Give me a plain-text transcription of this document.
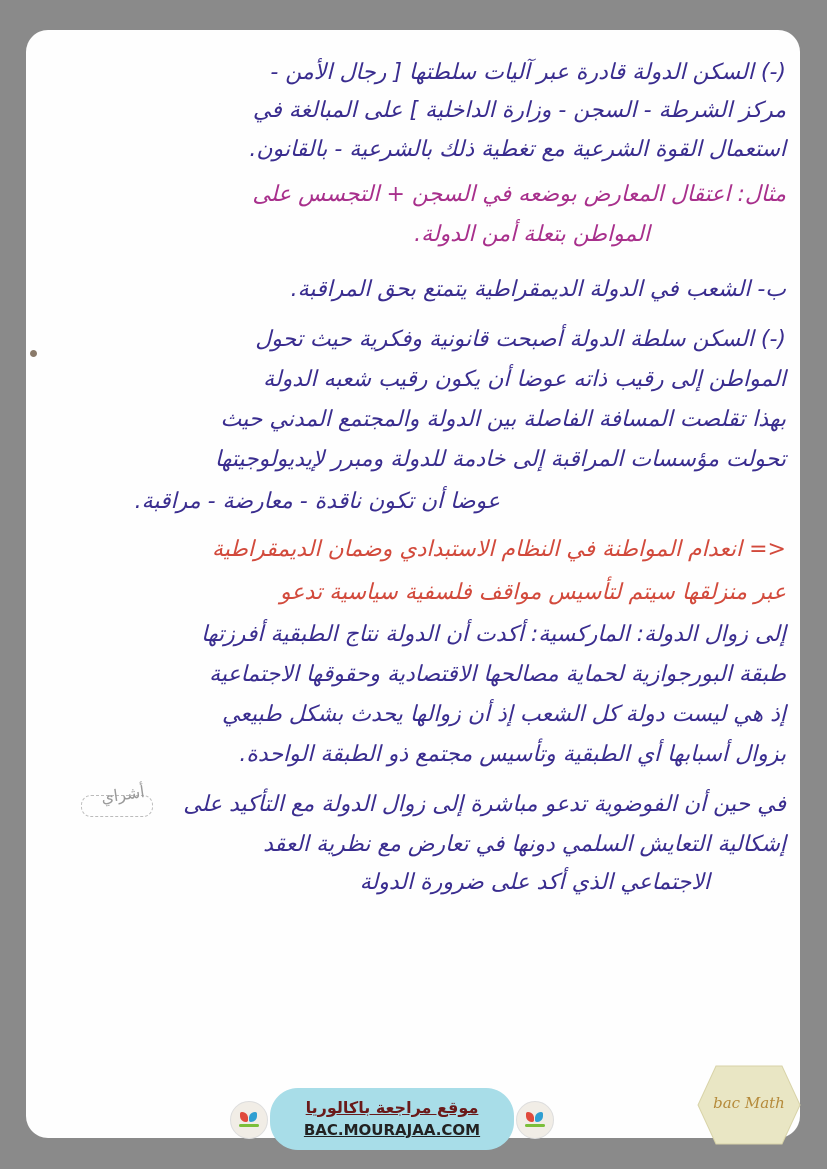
(-) السكن الدولة قادرة عبر آليات سلطتها [ رجال الأمن -
مركز الشرطة - السجن - وزارة الداخلية ] على المبالغة في
استعمال القوة الشرعية مع تغطية ذلك بالشرعية - بالقانون.
مثال: اعتقال المعارض بوضعه في السجن + التجسس على
المواطن بتعلة أمن الدولة.
ب- الشعب في الدولة الديمقراطية يتمتع بحق المراقبة.
(-) السكن سلطة الدولة أصبحت قانونية وفكرية حيث تحول
المواطن إلى رقيب ذاته عوضا أن يكون رقيب شعبه الدولة
بهذا تقلصت المسافة الفاصلة بين الدولة والمجتمع المدني حيث
تحولت مؤسسات المراقبة إلى خادمة للدولة ومبرر لإيديولوجيتها
عوضا أن تكون ناقدة - معارضة - مراقبة.
<= انعدام المواطنة في النظام الاستبدادي وضمان الديمقراطية
عبر منزلقها سيتم لتأسيس مواقف فلسفية سياسية تدعو
إلى زوال الدولة: الماركسية: أكدت أن الدولة نتاج الطبقية أفرزتها
طبقة البورجوازية لحماية مصالحها الاقتصادية وحقوقها الاجتماعية
إذ هي ليست دولة كل الشعب إذ أن زوالها يحدث بشكل طبيعي
بزوال أسبابها أي الطبقية وتأسيس مجتمع ذو الطبقة الواحدة.
أشراي في حين أن الفوضوية تدعو مباشرة إلى زوال الدولة مع التأكيد على
إشكالية التعايش السلمي دونها في تعارض مع نظرية العقد
الاجتماعي الذي أكد على ضرورة الدولة
موقع مراجعة باكالوريا
BAC.MOURAJAA.COM
bac Math
